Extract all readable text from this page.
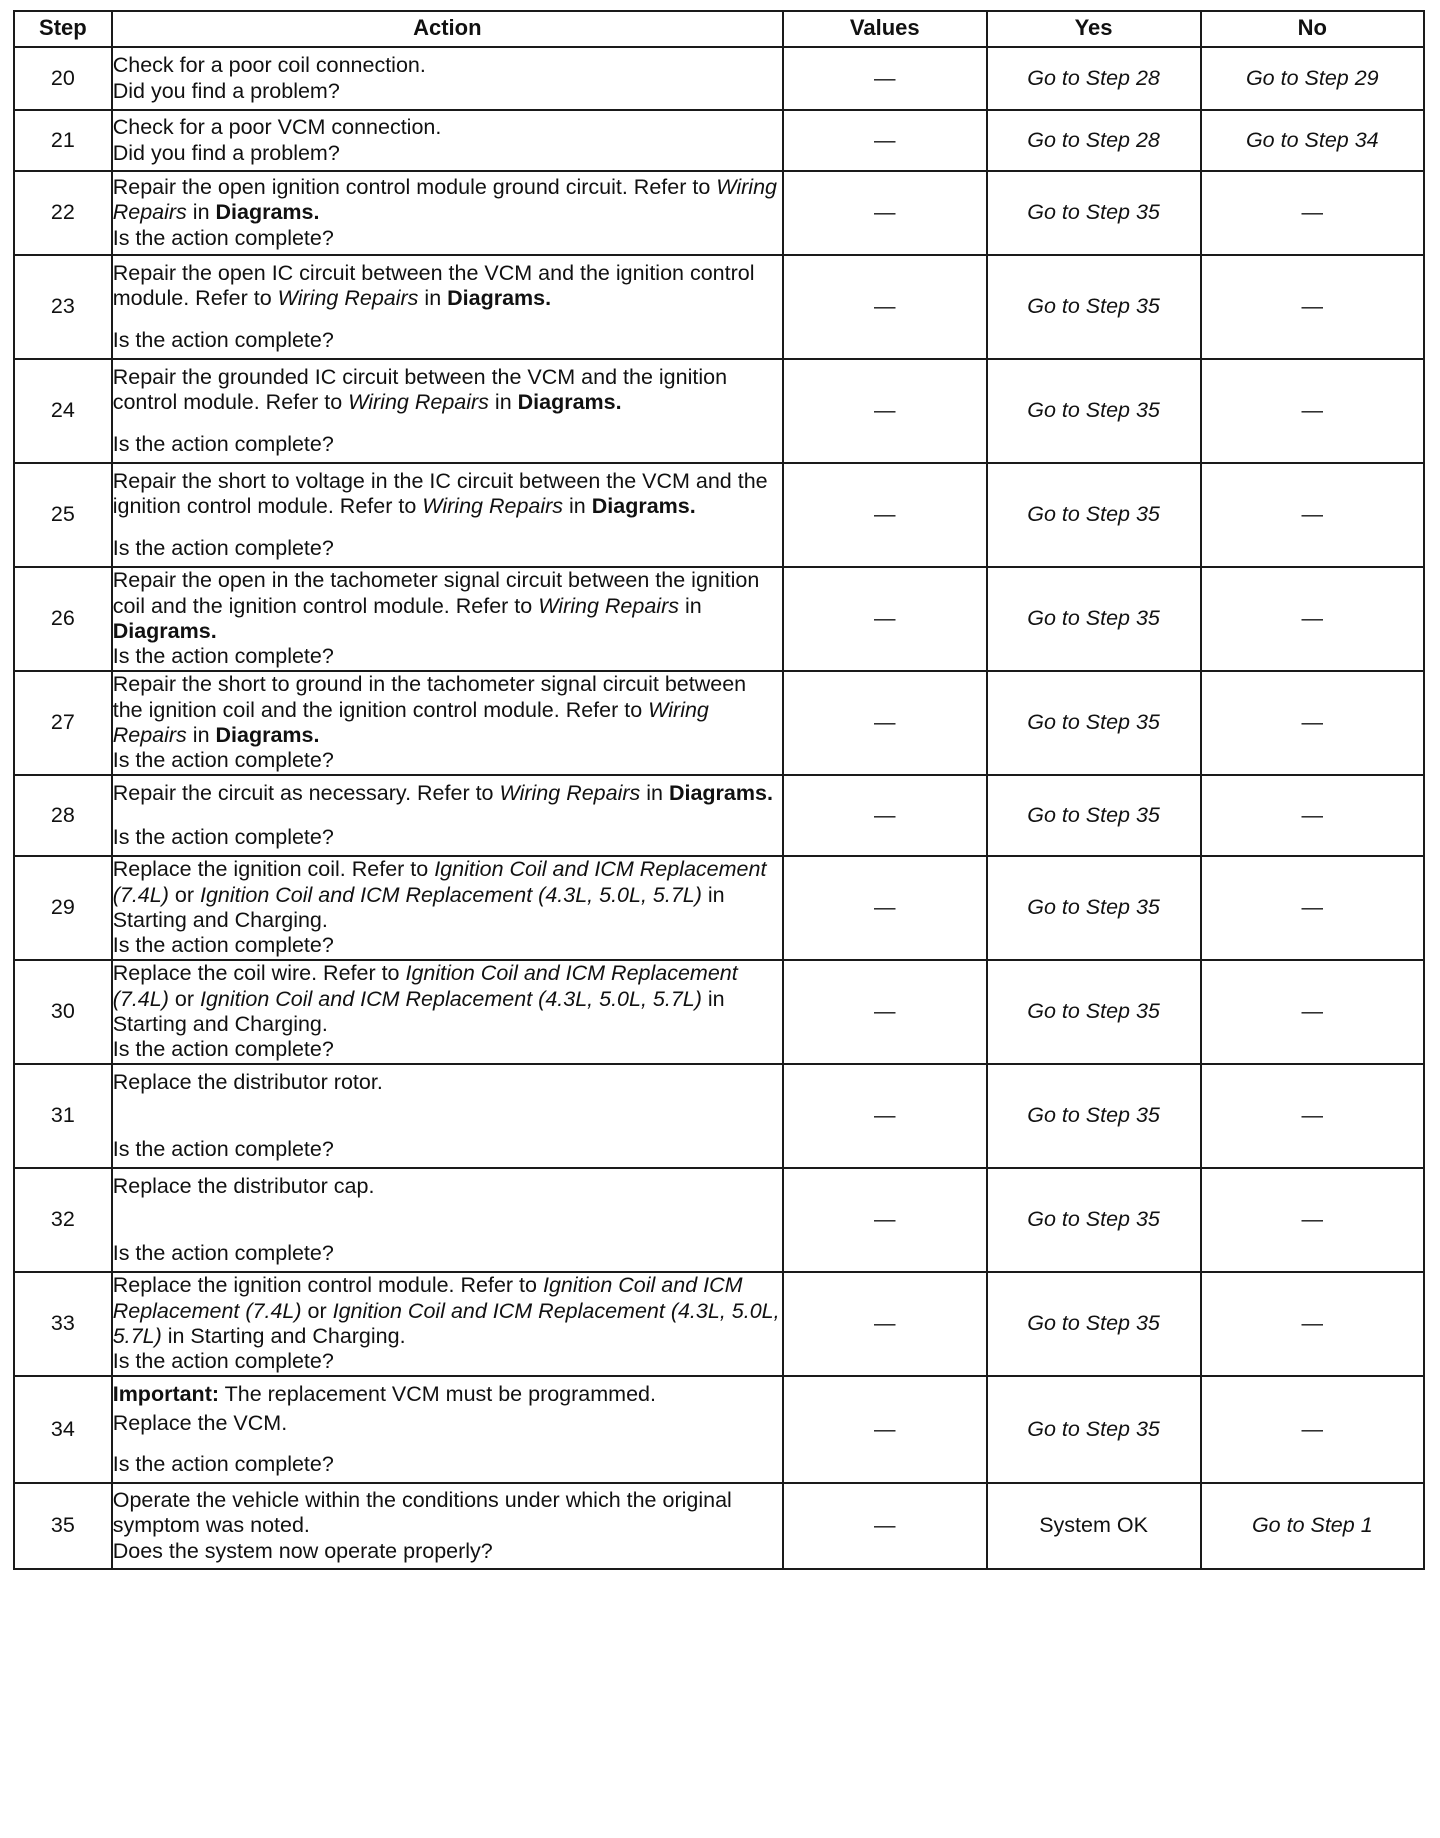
Step	Action	Values	Yes	No
20	Check for a poor coil connection.

Did you find a problem?	—	Go to Step 28	Go to Step 29
21	Check for a poor VCM connection.

Did you find a problem?	—	Go to Step 28	Go to Step 34
22	Repair the open ignition control module ground circuit. Refer to Wiring Repairs in Diagrams.

Is the action complete?	—	Go to Step 35	—
23	Repair the open IC circuit between the VCM and the ignition control module. Refer to Wiring Repairs in Diagrams.

Is the action complete?	—	Go to Step 35	—
24	Repair the grounded IC circuit between the VCM and the ignition control module. Refer to Wiring Repairs in Diagrams.

Is the action complete?	—	Go to Step 35	—
25	Repair the short to voltage in the IC circuit between the VCM and the ignition control module. Refer to Wiring Repairs in Diagrams.

Is the action complete?	—	Go to Step 35	—
26	Repair the open in the tachometer signal circuit between the ignition coil and the ignition control module. Refer to Wiring Repairs in Diagrams.

Is the action complete?	—	Go to Step 35	—
27	Repair the short to ground in the tachometer signal circuit between the ignition coil and the ignition control module. Refer to Wiring Repairs in Diagrams.

Is the action complete?	—	Go to Step 35	—
28	Repair the circuit as necessary. Refer to Wiring Repairs in Diagrams.

Is the action complete?	—	Go to Step 35	—
29	Replace the ignition coil. Refer to Ignition Coil and ICM Replacement (7.4L) or Ignition Coil and ICM Replacement (4.3L, 5.0L, 5.7L) in Starting and Charging.

Is the action complete?	—	Go to Step 35	—
30	Replace the coil wire. Refer to Ignition Coil and ICM Replacement (7.4L) or Ignition Coil and ICM Replacement (4.3L, 5.0L, 5.7L) in Starting and Charging.

Is the action complete?	—	Go to Step 35	—
31	Replace the distributor rotor.

Is the action complete?	—	Go to Step 35	—
32	Replace the distributor cap.

Is the action complete?	—	Go to Step 35	—
33	Replace the ignition control module. Refer to Ignition Coil and ICM Replacement (7.4L) or Ignition Coil and ICM Replacement (4.3L, 5.0L, 5.7L) in Starting and Charging.

Is the action complete?	—	Go to Step 35	—
34	Important: The replacement VCM must be programmed.

Replace the VCM.

Is the action complete?	—	Go to Step 35	—
35	Operate the vehicle within the conditions under which the original symptom was noted.

Does the system now operate properly?	—	System OK	Go to Step 1
